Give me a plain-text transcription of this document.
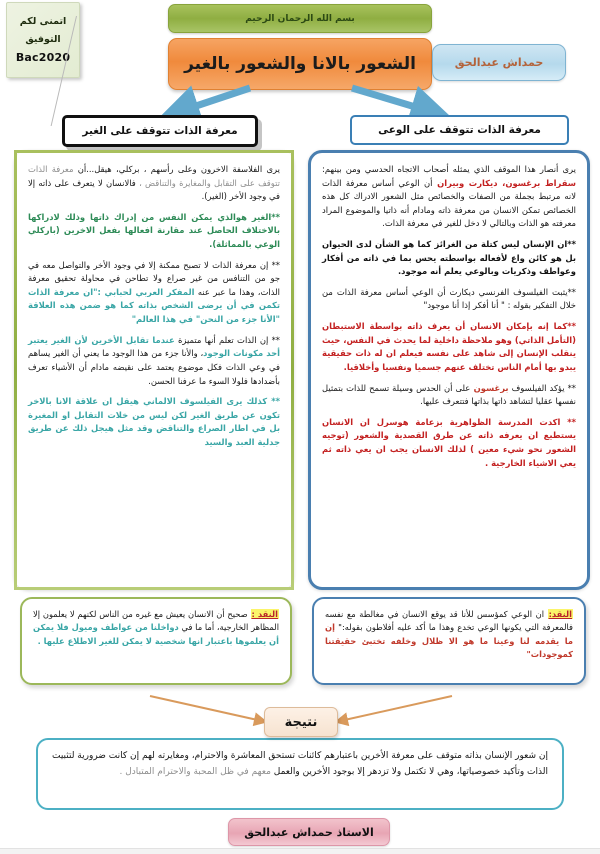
اتمنى لكم
التوفيق
Bac2020
بسم الله الرحمان الرحيم
الشعور بالانا والشعور بالغير	حمداش عبدالحق
معرفة الذات تتوقف على الغير	معرفة الذات تتوقف على الوعى

يرى الفلاسفة الاخرون وعلى رأسهم ، بركلي، هيقل...أن معرفة الذات تتوقف على التقابل والمغايرة والتناقض ، فالانسان لا يتعرف على ذاته إلا في وجود الأخر (الغير).

**الغير هوالذي يمكن النفس من إدراك ذاتها وذلك لادراكها بالاختلاف الحاصل عند مقارنة افعالها بفعل الاخرين (باركلي الوعي بالمماثلة).

** إن معرفة الذات لا تصبح ممكنة إلا في وجود الأخر والتواصل معه في جو من التنافس من غير صراع ولا تطاحن في محاولة تحقيق معرفة الذات، وهذا ما عبر عنه المفكر العربي لحبابي :"ان معرفة الذات تكمن في أن يرضى الشخص بذاته كما هو ضمن هذه العلاقة "الأنا جزء من النحن" في هذا العالم"

** إن الذات تعلم أنها متميزة عندما تقابل الأخرين لأن الغير يعتبر أحد مكونات الوجود، والأنا جزء من هذا الوجود ما يعني أن الغير يساهم في وعي الذات فكل موضوع يعتمد على نقيضه مادام أن الأشياء تعرف بأضدادها فلولا السوء ما عرفنا الحسن.

** كذلك يرى الفيلسوف الالماني هيقل ان علاقة الانا بالاخر تكون عن طريق الغير لكن ليس من خلات التقابل او المغيرة بل في اطار الصراع والتناقض وقد مثل هيجل ذلك عن طريق جدلية العبد والسيد

يرى أنصار هذا الموقف الذي يمثله أصحاب الاتجاه الحدسي ومن بينهم: سقراط برغسون، ديكارت وبيران أن الوعي أساس معرفة الذات لانه مرتبط بجملة من الصفات والخصائص مثل الشعور الادراك كل هذه الخصائص تمكن الانسان من معرفة ذاته ومادام أنه ذاتيا والموضوع المراد معرفته هو الذات وبالتالي لا دخل للغير في معرفة الذات.

**ان الإنسان ليس كتلة من الغرائز كما هو الشأن لدى الحيوان بل هو كائن واع لأفعاله بواسطته يحس بما في ذاته من أفكار وعواطف وذكريات وبالوعي يعلم أنه موجود.

**يثبت الفيلسوف الفرنسي ديكارت أن الوعي أساس معرفة الذات من خلال التفكير بقوله : " أنا أفكر إذا أنا موجود"

**كما إنه بإمكان الانسان أن يعرف ذاته بواسطة الاستبطان (التأمل الذاتي) وهو ملاحظة داخلية لما يحدث في النفس، حيث ينقلب الإنسان إلى شاهد على نفسه فيعلم ان له ذات حقيقية يبدو بها أمام الناس تختلف عنهم جسميا ونفسيا وأخلاقيا.

** يؤكد الفيلسوف برغسون على أن الحدس وسيلة تسمح للذات بتمثيل نفسها عقليا لتشاهد ذاتها بذاتها فتتعرف عليها.

** اكدت المدرسة الظواهرية بزعامة هوسرل ان الانسان يستطيع ان يعرفه ذاته عن طرق القصدية والشعور (توجيه الشعور نحو شيء معين ) لذلك الانسان يجب ان يعي ذاته ثم يعي الاشياء الخارجية .

النقد : صحيح أن الانسان يعيش مع غيره من الناس لكنهم لا يعلمون إلا المظاهر الخارجية، أما ما في دواخلنا من عواطف وميول فلا يمكن أن يعلموها باعتبار انها شخصية لا يمكن للغير الاطلاع عليها .

النقد: ان الوعي كمؤسس للأنا قد يوقع الانسان في مغالطة مع نفسه فالمعرفة التي يكونها الوعي تخدع وهذا ما أكد عليه أفلاطون بقوله:" إن ما يقدمه لنا وعينا ما هو الا ظلال وخلفه تختبئ حقيقتنا كموجودات"

نتيجة

إن شعور الإنسان بذاته متوقف على معرفة الأخرين باعتبارهم كائنات تستحق المعاشرة والاحترام، ومغايرته لهم إن كانت ضرورية لتثبيت الذات وتأكيد خصوصياتها، وهي لا تكتمل ولا تزدهر إلا بوجود الأخرين والعمل معهم في ظل المحبة والاحترام المتبادل .

الاستاذ حمداش عبدالحق
